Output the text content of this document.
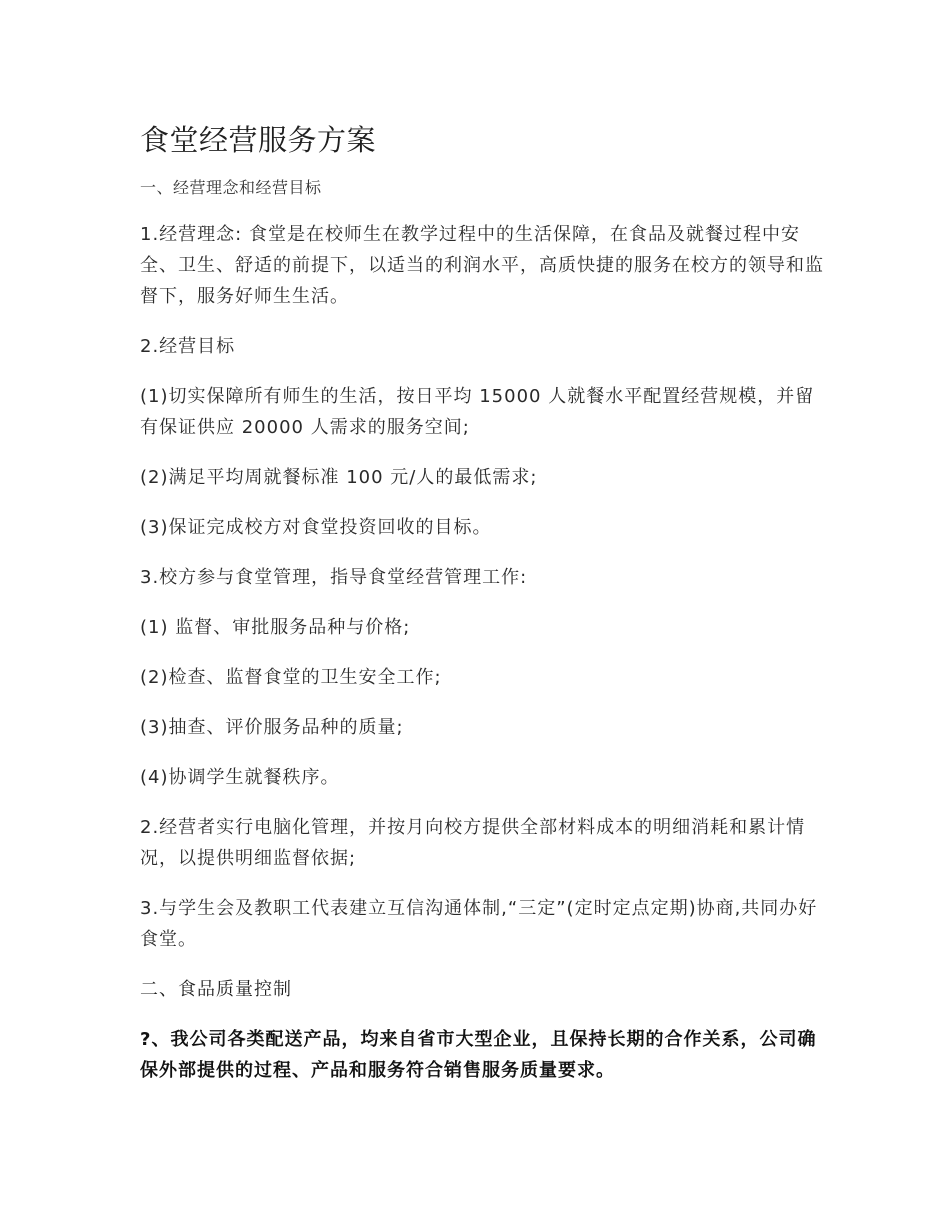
食堂经营服务方案
一、经营理念和经营目标

1.经营理念: 食堂是在校师生在教学过程中的生活保障，在食品及就餐过程中安全、卫生、舒适的前提下，以适当的利润水平，高质快捷的服务在校方的领导和监督下，服务好师生生活。

2.经营目标

(1)切实保障所有师生的生活，按日平均 15000 人就餐水平配置经营规模，并留有保证供应 20000 人需求的服务空间;

(2)满足平均周就餐标准 100 元/人的最低需求;

(3)保证完成校方对食堂投资回收的目标。

3.校方参与食堂管理，指导食堂经营管理工作:

(1) 监督、审批服务品种与价格;

(2)检查、监督食堂的卫生安全工作;

(3)抽查、评价服务品种的质量;

(4)协调学生就餐秩序。

2.经营者实行电脑化管理，并按月向校方提供全部材料成本的明细消耗和累计情况，以提供明细监督依据;

3.与学生会及教职工代表建立互信沟通体制,“三定”(定时定点定期)协商,共同办好食堂。

二、食品质量控制

?、我公司各类配送产品，均来自省市大型企业，且保持长期的合作关系，公司确保外部提供的过程、产品和服务符合销售服务质量要求。
